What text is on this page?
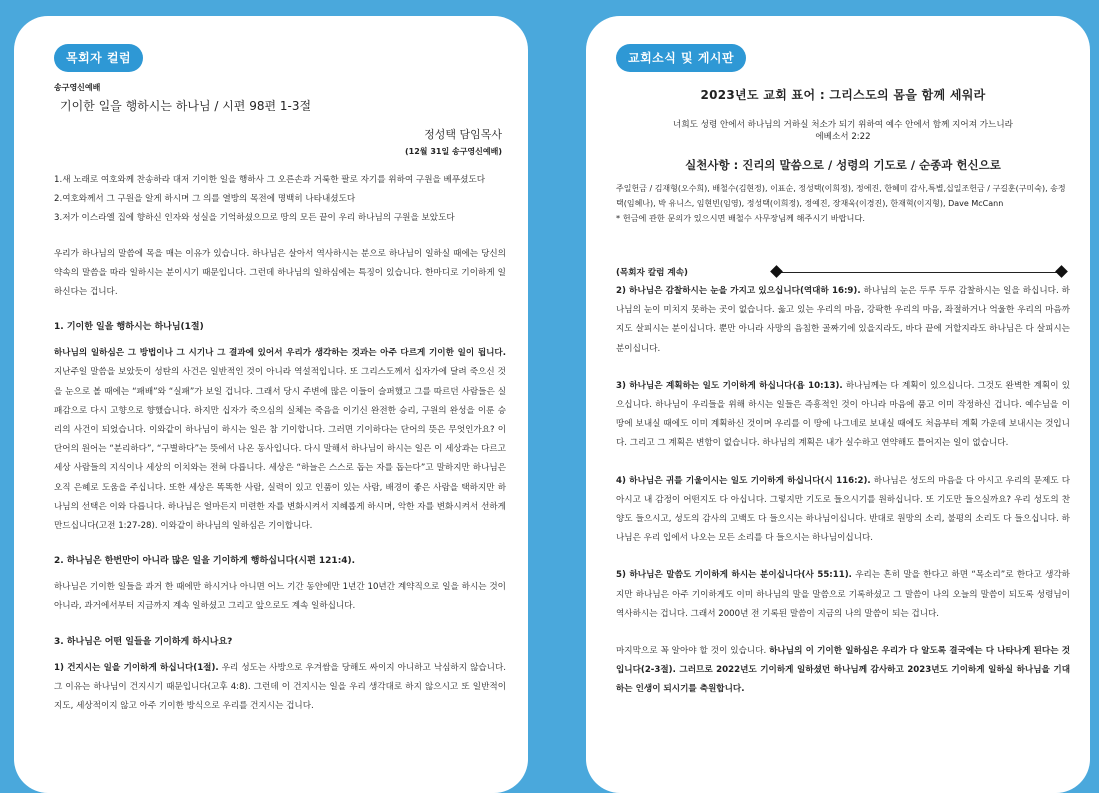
목회자 컬럼
송구영신예배
기이한 일을 행하시는 하나님 / 시편 98편 1-3절
정성택 담임목사
(12월 31일 송구영신예배)

1.새 노래로 여호와께 찬송하라 대저 기이한 일을 행하사 그 오른손과 거룩한 팔로 자기를 위하여 구원을 베푸셨도다

2.여호와께서 그 구원을 알게 하시며 그 의를 열방의 목전에 명백히 나타내셨도다

3.저가 이스라엘 집에 향하신 인자와 성실을 기억하셨으므로 땅의 모든 끝이 우리 하나님의 구원을 보았도다

우리가 하나님의 말씀에 목을 매는 이유가 있습니다. 하나님은 살아서 역사하시는 분으로 하나님이 일하실 때에는 당신의 약속의 말씀을 따라 일하시는 분이시기 때문입니다. 그런데 하나님의 일하심에는 특징이 있습니다. 한마디로 기이하게 일하신다는 겁니다.

1. 기이한 일을 행하시는 하나님(1절)

하나님의 일하심은 그 방법이나 그 시기나 그 결과에 있어서 우리가 생각하는 것과는 아주 다르게 기이한 일이 됩니다. 지난주일 말씀을 보았듯이 성탄의 사건은 일반적인 것이 아니라 역설적입니다. 또 그리스도께서 십자가에 달려 죽으신 것을 눈으로 볼 때에는 “패배”와 “실패”가 보일 겁니다. 그래서 당시 주변에 많은 이들이 슬퍼했고 그를 따르던 사람들은 실패감으로 다시 고향으로 향했습니다. 하지만 십자가 죽으심의 실체는 죽음을 이기신 완전한 승리, 구원의 완성을 이룬 승리의 사건이 되었습니다. 이와같이 하나님이 하시는 일은 참 기이합니다. 그러면 기이하다는 단어의 뜻은 무엇인가요? 이 단어의 원어는 “분리하다”, “구별하다”는 뜻에서 나온 동사입니다. 다시 말해서 하나님이 하시는 일은 이 세상과는 다르고 세상 사람들의 지식이나 세상의 이치와는 전혀 다릅니다. 세상은 “하늘은 스스로 돕는 자를 돕는다”고 말하지만 하나님은 오직 은혜로 도움을 주십니다. 또한 세상은 똑똑한 사람, 실력이 있고 인품이 있는 사람, 배경이 좋은 사람을 택하지만 하나님의 선택은 이와 다릅니다. 하나님은 얼마든지 미련한 자를 변화시켜서 지혜롭게 하시며, 악한 자를 변화시켜서 선하게 만드십니다(고전 1:27-28). 이와같이 하나님의 일하심은 기이합니다.

2. 하나님은 한번만이 아니라 많은 일을 기이하게 행하십니다(시편 121:4).

하나님은 기이한 일들을 과거 한 때에만 하시거나 아니면 어느 기간 동안에만 1년간 10년간 계약직으로 일을 하시는 것이 아니라, 과거에서부터 지금까지 계속 일하셨고 그리고 앞으로도 계속 일하십니다.

3. 하나님은 어떤 일들을 기이하게 하시나요?

1) 건지시는 일을 기이하게 하십니다(1절). 우리 성도는 사방으로 우겨쌈을 당해도 싸이지 아니하고 낙심하지 않습니다. 그 이유는 하나님이 건지시기 때문입니다(고후 4:8). 그런데 이 건지시는 일을 우리 생각대로 하지 않으시고 또 일반적이지도, 세상적이지 않고 아주 기이한 방식으로 우리를 건지시는 겁니다.

교회소식 및 게시판
2023년도 교회 표어 : 그리스도의 몸을 함께 세워라
너희도 성령 안에서 하나님의 거하실 처소가 되기 위하여 예수 안에서 함께 지어져 가느니라
에베소서 2:22
실천사항 : 진리의 말씀으로 / 성령의 기도로 / 순종과 헌신으로
주일헌금 / 김재형(오수희), 배철수(김현정), 이표순, 정성택(이희정), 정에진, 한혜미 감사,특별,십일조헌금 / 구길훈(구미숙), 송정택(임혜나), 박 유니스, 임현빈(임영), 정성택(이희정), 정예진, 장재욱(이경진), 한재혁(이지형), Dave McCann
* 헌금에 관한 문의가 있으시면 배철수 사무장님께 해주시기 바랍니다.
(목회자 칼럼 계속)

2) 하나님은 감찰하시는 눈을 가지고 있으십니다(역대하 16:9). 하나님의 눈은 두루 두루 감찰하시는 일을 하십니다. 하나님의 눈이 미치지 못하는 곳이 없습니다. 옳고 있는 우리의 마음, 강팍한 우리의 마음, 좌절하거나 억울한 우리의 마음까지도 살피시는 분이십니다. 뿐만 아니라 사망의 음침한 골짜기에 있을지라도, 바다 끝에 거할지라도 하나님은 다 살피시는 분이십니다.

3) 하나님은 계획하는 일도 기이하게 하십니다(욥 10:13). 하나님께는 다 계획이 있으십니다. 그것도 완벽한 계획이 있으십니다. 하나님이 우리들을 위해 하시는 일들은 즉흥적인 것이 아니라 마음에 품고 이미 작정하신 겁니다. 예수님을 이 땅에 보내실 때에도 이미 계획하신 것이며 우리를 이 땅에 나그네로 보내실 때에도 처음부터 계획 가운데 보내시는 것입니다. 그리고 그 계획은 변함이 없습니다. 하나님의 계획은 내가 실수하고 연약해도 틀어지는 일이 없습니다.

4) 하나님은 귀를 기울이시는 일도 기이하게 하십니다(시 116:2). 하나님은 성도의 마음을 다 아시고 우리의 문제도 다 아시고 내 감정이 어떤지도 다 아십니다. 그렇지만 기도로 들으시기를 원하십니다. 또 기도만 들으실까요? 우리 성도의 찬양도 들으시고, 성도의 감사의 고백도 다 들으시는 하나님이십니다. 반대로 원망의 소리, 불평의 소리도 다 들으십니다. 하나님은 우리 입에서 나오는 모든 소리를 다 들으시는 하나님이십니다.

5) 하나님은 말씀도 기이하게 하시는 분이십니다(사 55:11). 우리는 흔히 말을 한다고 하면 “목소리”로 한다고 생각하지만 하나님은 아주 기이하게도 이미 하나님의 말을 말씀으로 기록하셨고 그 말씀이 나의 오늘의 말씀이 되도록 성령님이 역사하시는 겁니다. 그래서 2000년 전 기록된 말씀이 지금의 나의 말씀이 되는 겁니다.

마지막으로 꼭 알아야 할 것이 있습니다. 하나님의 이 기이한 일하심은 우리가 다 알도록 결국에는 다 나타나게 된다는 것입니다(2-3절). 그러므로 2022년도 기이하게 일하셨던 하나님께 감사하고 2023년도 기이하게 일하실 하나님을 기대하는 인생이 되시기를 축원합니다.
